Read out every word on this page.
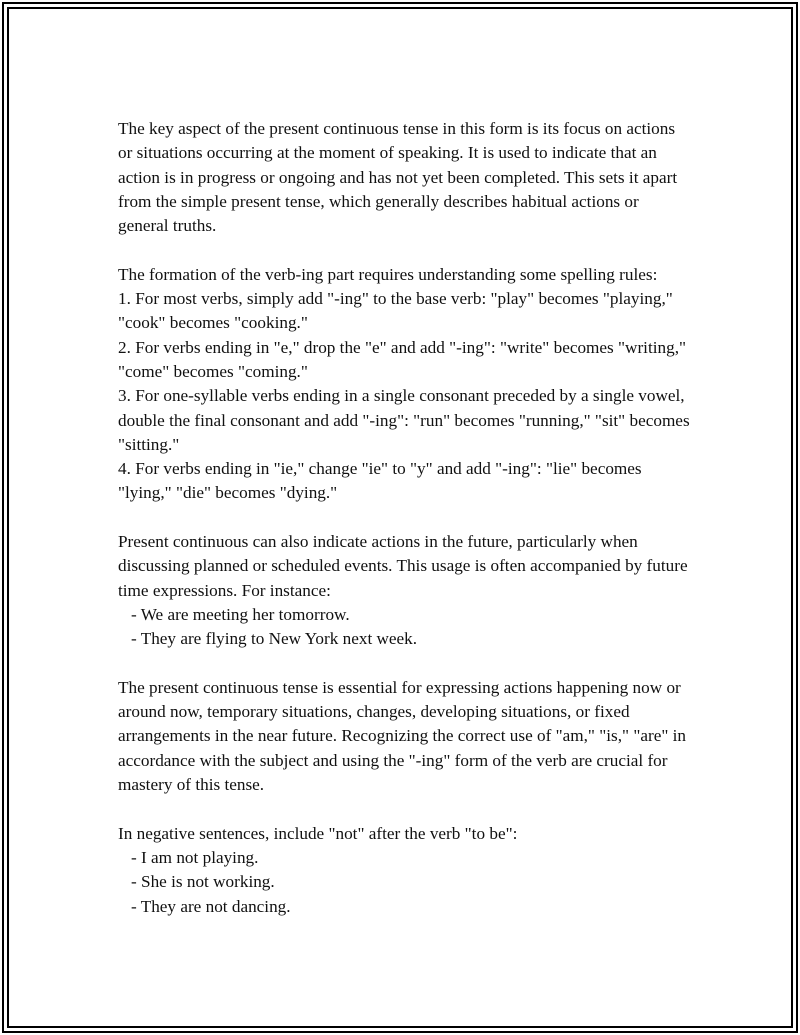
The key aspect of the present continuous tense in this form is its focus on actions or situations occurring at the moment of speaking. It is used to indicate that an action is in progress or ongoing and has not yet been completed. This sets it apart from the simple present tense, which generally describes habitual actions or general truths.

The formation of the verb-ing part requires understanding some spelling rules:

1. For most verbs, simply add "-ing" to the base verb: "play" becomes "playing," "cook" becomes "cooking."

2. For verbs ending in "e," drop the "e" and add "-ing": "write" becomes "writing," "come" becomes "coming."

3. For one-syllable verbs ending in a single consonant preceded by a single vowel, double the final consonant and add "-ing": "run" becomes "running," "sit" becomes "sitting."

4. For verbs ending in "ie," change "ie" to "y" and add "-ing": "lie" becomes "lying," "die" becomes "dying."

Present continuous can also indicate actions in the future, particularly when discussing planned or scheduled events. This usage is often accompanied by future time expressions. For instance:

- We are meeting her tomorrow.

- They are flying to New York next week.

The present continuous tense is essential for expressing actions happening now or around now, temporary situations, changes, developing situations, or fixed arrangements in the near future. Recognizing the correct use of "am," "is," "are" in accordance with the subject and using the "-ing" form of the verb are crucial for mastery of this tense.

In negative sentences, include "not" after the verb "to be":

- I am not playing.

- She is not working.

- They are not dancing.
